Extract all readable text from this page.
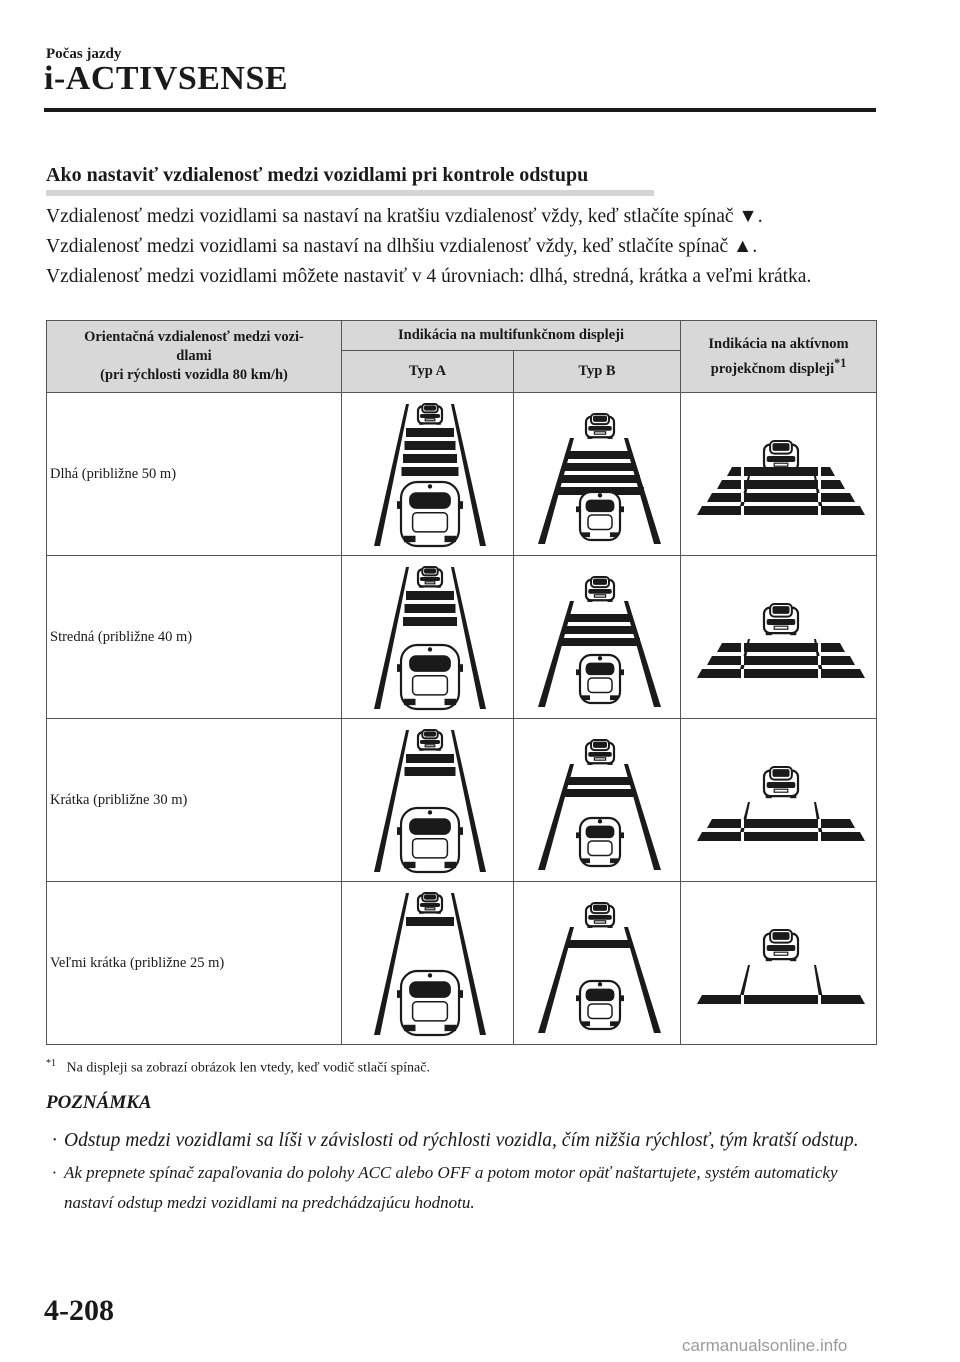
Počas jazdy
i-ACTIVSENSE
Ako nastaviť vzdialenosť medzi vozidlami pri kontrole odstupu

Vzdialenosť medzi vozidlami sa nastaví na kratšiu vzdialenosť vždy, keď stlačíte spínač ▼.

Vzdialenosť medzi vozidlami sa nastaví na dlhšiu vzdialenosť vždy, keď stlačíte spínač ▲.

Vzdialenosť medzi vozidlami môžete nastaviť v 4 úrovniach: dlhá, stredná, krátka a veľmi krátka.

Orientačná vzdialenosť medzi vozi-
dlami
(pri rýchlosti vozidla 80 km/h)	Indikácia na multifunkčnom displeji		Indikácia na aktívnom
projekčnom displeji$^{*1}$
	Typ A	Typ B	
Dlhá (približne 50 m)	

Stredná (približne 40 m)	

Krátka (približne 30 m)	

Veľmi krátka (približne 25 m)	

$^{*1}$ Na displeji sa zobrazí obrázok len vtedy, keď vodič stlačí spínač.
POZNÁMKA
· Odstup medzi vozidlami sa líši v závislosti od rýchlosti vozidla, čím nižšia rýchlosť, tým kratší odstup.
· Ak prepnete spínač zapaľovania do polohy ACC alebo OFF a potom motor opäť naštartujete, systém automaticky nastaví odstup medzi vozidlami na predchádzajúcu hodnotu.
4-208
carmanualsonline.info
